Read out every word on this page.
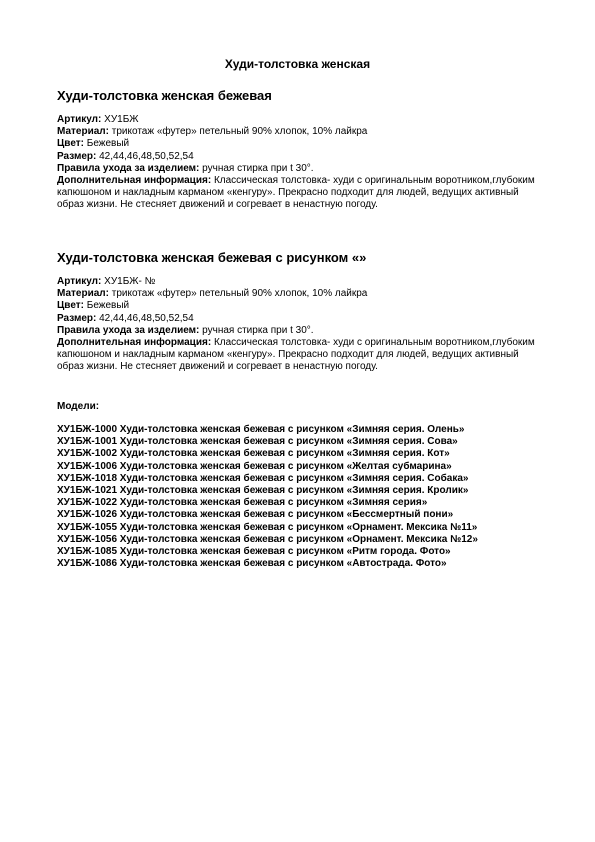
Худи-толстовка женская
Худи-толстовка женская бежевая

Артикул: ХУ1БЖ

Материал: трикотаж «футер» петельный 90% хлопок, 10% лайкра

Цвет: Бежевый

Размер: 42,44,46,48,50,52,54

Правила ухода за изделием: ручная стирка при t 30°.

Дополнительная информация: Классическая толстовка- худи с оригинальным воротником,глубоким капюшоном и накладным карманом «кенгуру». Прекрасно подходит для людей, ведущих активный образ жизни. Не стесняет движений и согревает в ненастную погоду.

Худи-толстовка женская бежевая с рисунком «»

Артикул: ХУ1БЖ- №

Материал: трикотаж «футер» петельный 90% хлопок, 10% лайкра

Цвет: Бежевый

Размер: 42,44,46,48,50,52,54

Правила ухода за изделием: ручная стирка при t 30°.

Дополнительная информация: Классическая толстовка- худи с оригинальным воротником,глубоким капюшоном и накладным карманом «кенгуру». Прекрасно подходит для людей, ведущих активный образ жизни. Не стесняет движений и согревает в ненастную погоду.

Модели:

ХУ1БЖ-1000 Худи-толстовка женская бежевая с рисунком «Зимняя серия. Олень»

ХУ1БЖ-1001 Худи-толстовка женская бежевая с рисунком «Зимняя серия. Сова»

ХУ1БЖ-1002 Худи-толстовка женская бежевая с рисунком «Зимняя серия. Кот»

ХУ1БЖ-1006 Худи-толстовка женская бежевая с рисунком «Желтая субмарина»

ХУ1БЖ-1018 Худи-толстовка женская бежевая с рисунком «Зимняя серия. Собака»

ХУ1БЖ-1021 Худи-толстовка женская бежевая с рисунком «Зимняя серия. Кролик»

ХУ1БЖ-1022 Худи-толстовка женская бежевая с рисунком «Зимняя серия»

ХУ1БЖ-1026 Худи-толстовка женская бежевая с рисунком «Бессмертный пони»

ХУ1БЖ-1055 Худи-толстовка женская бежевая с рисунком «Орнамент. Мексика №11»

ХУ1БЖ-1056 Худи-толстовка женская бежевая с рисунком «Орнамент. Мексика №12»

ХУ1БЖ-1085 Худи-толстовка женская бежевая с рисунком «Ритм города. Фото»

ХУ1БЖ-1086 Худи-толстовка женская бежевая с рисунком «Автострада. Фото»
